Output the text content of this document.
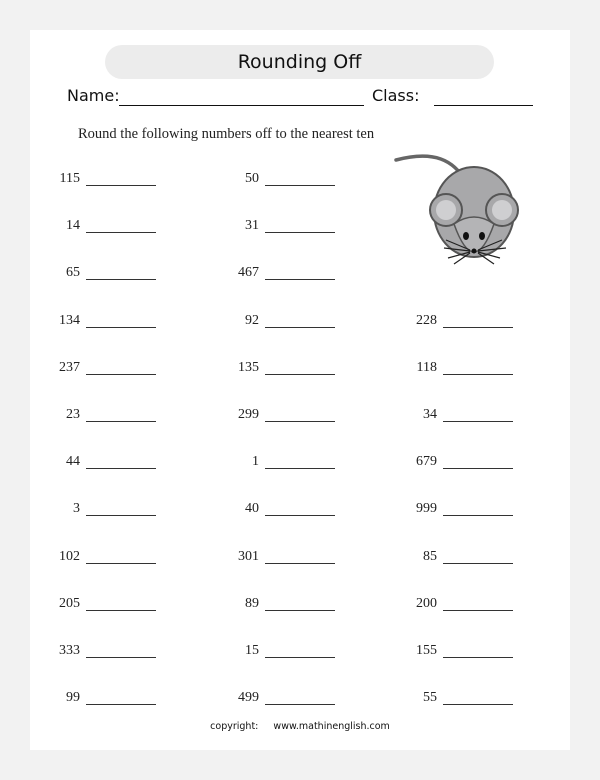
Rounding Off
Name:	Class:
Round the following numbers off to the nearest ten
115
14
65
134
237
23
44
3
102
205
333
99
50
31
467
92
135
299
1
40
301
89
15
499
228
118
34
679
999
85
200
155
55
copyright: www.mathinenglish.com
